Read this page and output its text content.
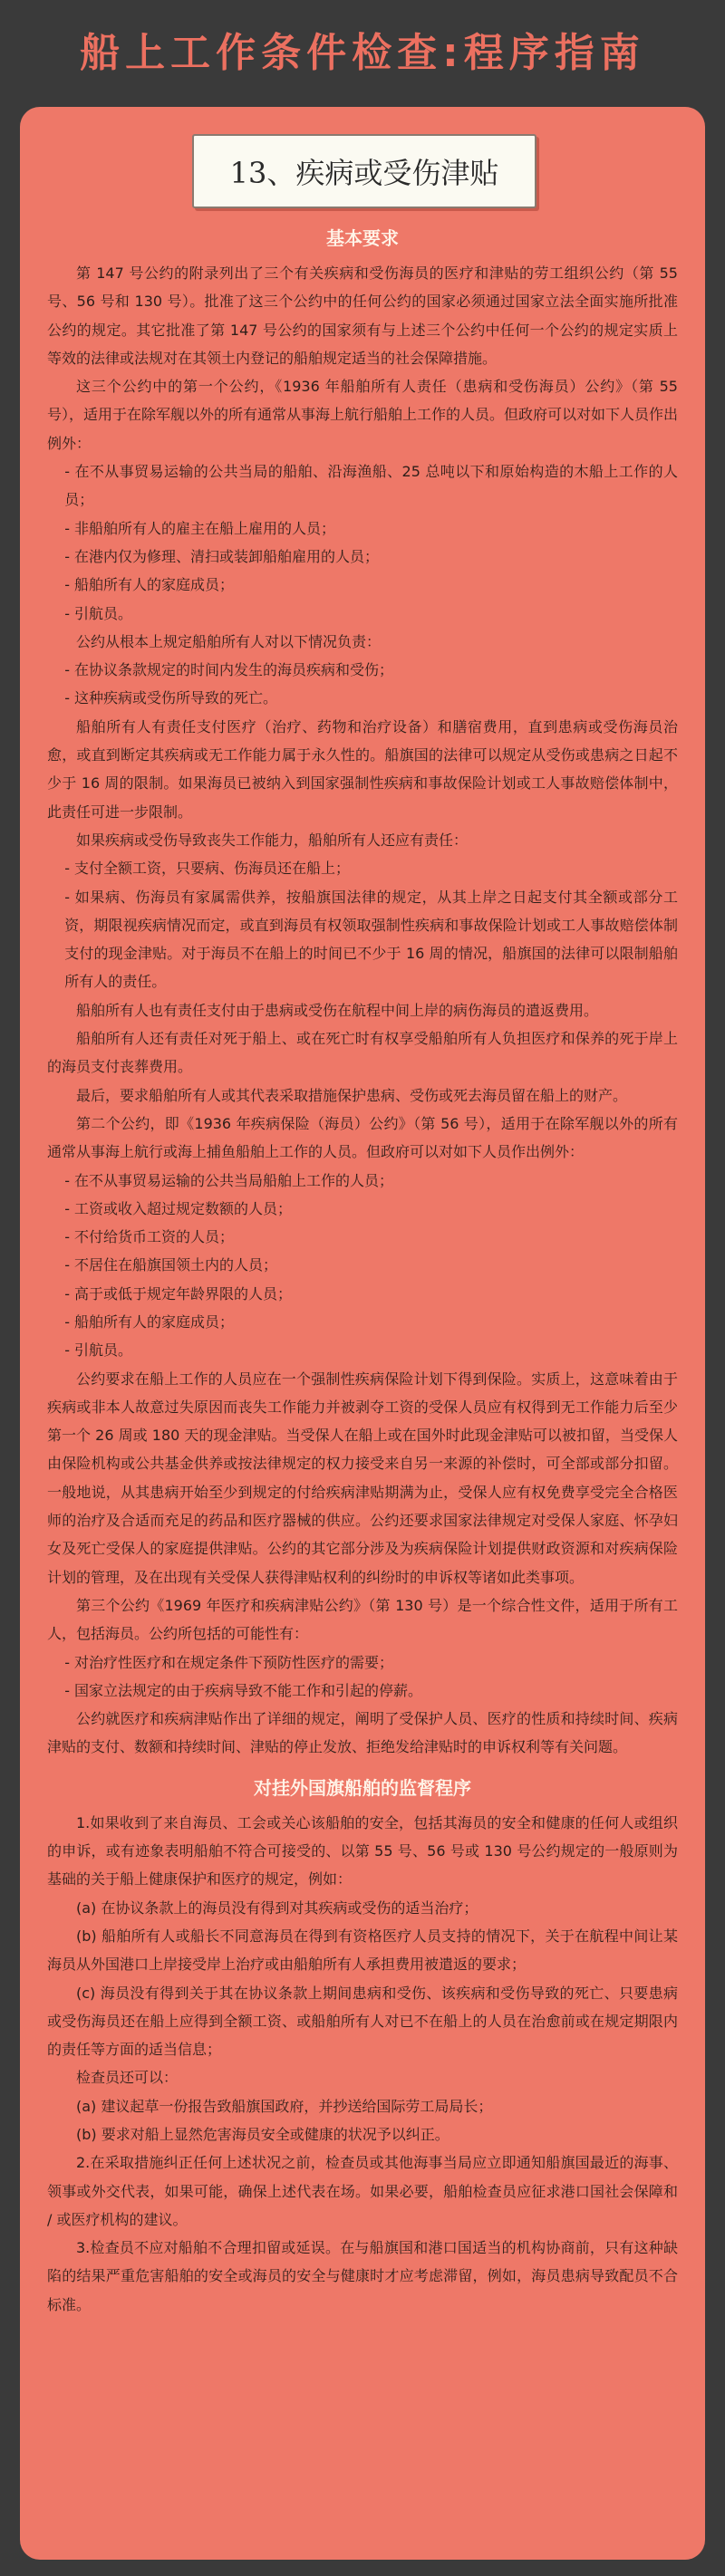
船上工作条件检查:程序指南
13、疾病或受伤津贴
基本要求

第 147 号公约的附录列出了三个有关疾病和受伤海员的医疗和津贴的劳工组织公约（第 55 号、56 号和 130 号）。批准了这三个公约中的任何公约的国家必须通过国家立法全面实施所批准公约的规定。其它批准了第 147 号公约的国家须有与上述三个公约中任何一个公约的规定实质上等效的法律或法规对在其领土内登记的船舶规定适当的社会保障措施。

这三个公约中的第一个公约，《1936 年船舶所有人责任（患病和受伤海员）公约》（第 55 号），适用于在除军舰以外的所有通常从事海上航行船舶上工作的人员。但政府可以对如下人员作出例外：

- 在不从事贸易运输的公共当局的船舶、沿海渔船、25 总吨以下和原始构造的木船上工作的人员；

- 非船舶所有人的雇主在船上雇用的人员；

- 在港内仅为修理、清扫或装卸船舶雇用的人员；

- 船舶所有人的家庭成员；

- 引航员。

公约从根本上规定船舶所有人对以下情况负责：

- 在协议条款规定的时间内发生的海员疾病和受伤；

- 这种疾病或受伤所导致的死亡。

船舶所有人有责任支付医疗（治疗、药物和治疗设备）和膳宿费用，直到患病或受伤海员治愈，或直到断定其疾病或无工作能力属于永久性的。船旗国的法律可以规定从受伤或患病之日起不少于 16 周的限制。如果海员已被纳入到国家强制性疾病和事故保险计划或工人事故赔偿体制中，此责任可进一步限制。

如果疾病或受伤导致丧失工作能力，船舶所有人还应有责任：

- 支付全额工资，只要病、伤海员还在船上；

- 如果病、伤海员有家属需供养，按船旗国法律的规定，从其上岸之日起支付其全额或部分工资，期限视疾病情况而定，或直到海员有权领取强制性疾病和事故保险计划或工人事故赔偿体制支付的现金津贴。对于海员不在船上的时间已不少于 16 周的情况，船旗国的法律可以限制船舶所有人的责任。

船舶所有人也有责任支付由于患病或受伤在航程中间上岸的病伤海员的遣返费用。

船舶所有人还有责任对死于船上、或在死亡时有权享受船舶所有人负担医疗和保养的死于岸上的海员支付丧葬费用。

最后，要求船舶所有人或其代表采取措施保护患病、受伤或死去海员留在船上的财产。

第二个公约，即《1936 年疾病保险（海员）公约》（第 56 号），适用于在除军舰以外的所有通常从事海上航行或海上捕鱼船舶上工作的人员。但政府可以对如下人员作出例外：

- 在不从事贸易运输的公共当局船舶上工作的人员；

- 工资或收入超过规定数额的人员；

- 不付给货币工资的人员；

- 不居住在船旗国领土内的人员；

- 高于或低于规定年龄界限的人员；

- 船舶所有人的家庭成员；

- 引航员。

公约要求在船上工作的人员应在一个强制性疾病保险计划下得到保险。实质上，这意味着由于疾病或非本人故意过失原因而丧失工作能力并被剥夺工资的受保人员应有权得到无工作能力后至少第一个 26 周或 180 天的现金津贴。当受保人在船上或在国外时此现金津贴可以被扣留，当受保人由保险机构或公共基金供养或按法律规定的权力接受来自另一来源的补偿时，可全部或部分扣留。一般地说，从其患病开始至少到规定的付给疾病津贴期满为止，受保人应有权免费享受完全合格医师的治疗及合适而充足的药品和医疗器械的供应。公约还要求国家法律规定对受保人家庭、怀孕妇女及死亡受保人的家庭提供津贴。公约的其它部分涉及为疾病保险计划提供财政资源和对疾病保险计划的管理，及在出现有关受保人获得津贴权利的纠纷时的申诉权等诸如此类事项。

第三个公约《1969 年医疗和疾病津贴公约》（第 130 号）是一个综合性文件，适用于所有工人，包括海员。公约所包括的可能性有：

- 对治疗性医疗和在规定条件下预防性医疗的需要；

- 国家立法规定的由于疾病导致不能工作和引起的停薪。

公约就医疗和疾病津贴作出了详细的规定，阐明了受保护人员、医疗的性质和持续时间、疾病津贴的支付、数额和持续时间、津贴的停止发放、拒绝发给津贴时的申诉权利等有关问题。

对挂外国旗船舶的监督程序

1.如果收到了来自海员、工会或关心该船舶的安全，包括其海员的安全和健康的任何人或组织的申诉，或有迹象表明船舶不符合可接受的、以第 55 号、56 号或 130 号公约规定的一般原则为基础的关于船上健康保护和医疗的规定，例如：

(a) 在协议条款上的海员没有得到对其疾病或受伤的适当治疗；

(b) 船舶所有人或船长不同意海员在得到有资格医疗人员支持的情况下，关于在航程中间让某海员从外国港口上岸接受岸上治疗或由船舶所有人承担费用被遣返的要求；

(c) 海员没有得到关于其在协议条款上期间患病和受伤、该疾病和受伤导致的死亡、只要患病或受伤海员还在船上应得到全额工资、或船舶所有人对已不在船上的人员在治愈前或在规定期限内的责任等方面的适当信息；

检查员还可以：

(a) 建议起草一份报告致船旗国政府，并抄送给国际劳工局局长；

(b) 要求对船上显然危害海员安全或健康的状况予以纠正。

2.在采取措施纠正任何上述状况之前，检查员或其他海事当局应立即通知船旗国最近的海事、领事或外交代表，如果可能，确保上述代表在场。如果必要，船舶检查员应征求港口国社会保障和 / 或医疗机构的建议。

3.检查员不应对船舶不合理扣留或延误。在与船旗国和港口国适当的机构协商前，只有这种缺陷的结果严重危害船舶的安全或海员的安全与健康时才应考虑滞留，例如，海员患病导致配员不合标准。
